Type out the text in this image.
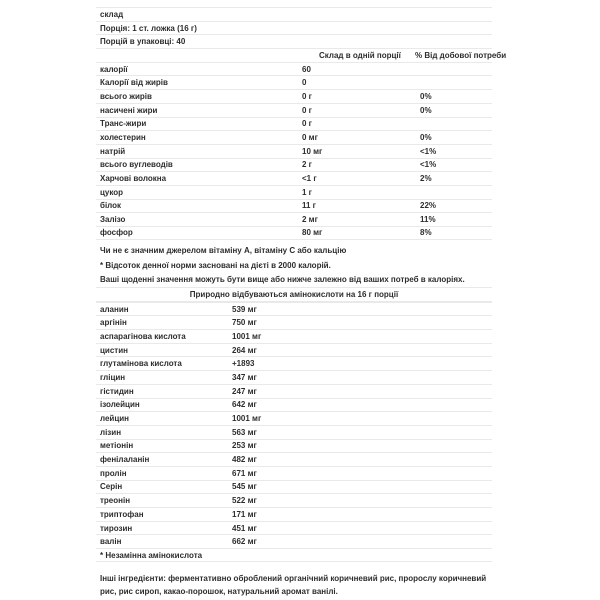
склад
Порція: 1 ст. ложка (16 г)
Порцій в упаковці: 40
Склад в одній порції % Від добової потреби
калорії	60
Калорії від жирів	0
всього жирів	0 г	0%
насичені жири	0 г	0%
Транс-жири	0 г
холестерин	0 мг	0%
натрій	10 мг	<1%
всього вуглеводів	2 г	<1%
Харчові волокна	<1 г	2%
цукор	1 г
білок	11 г	22%
Залізо	2 мг	11%
фосфор	80 мг	8%
Чи не є значним джерелом вітаміну А, вітаміну С або кальцію
* Відсоток денної норми засновані на дієті в 2000 калорій.
Ваші щоденні значення можуть бути вище або нижче залежно від ваших потреб в калоріях.
Природно відбуваються амінокислоти на 16 г порції
аланин	539 мг
аргінін	750 мг
аспарагінова кислота	1001 мг
цистин	264 мг
глутамінова кислота	+1893
гліцин	347 мг
гістидин	247 мг
ізолейцин	642 мг
лейцин	1001 мг
лізин	563 мг
метіонін	253 мг
фенілаланін	482 мг
пролін	671 мг
Серін	545 мг
треонін	522 мг
триптофан	171 мг
тирозин	451 мг
валін	662 мг
* Незамінна амінокислота
Інші інгредієнти: ферментативно оброблений органічний коричневий рис, пророслу коричневий рис, рис сироп, какао-порошок, натуральний аромат ванілі.
